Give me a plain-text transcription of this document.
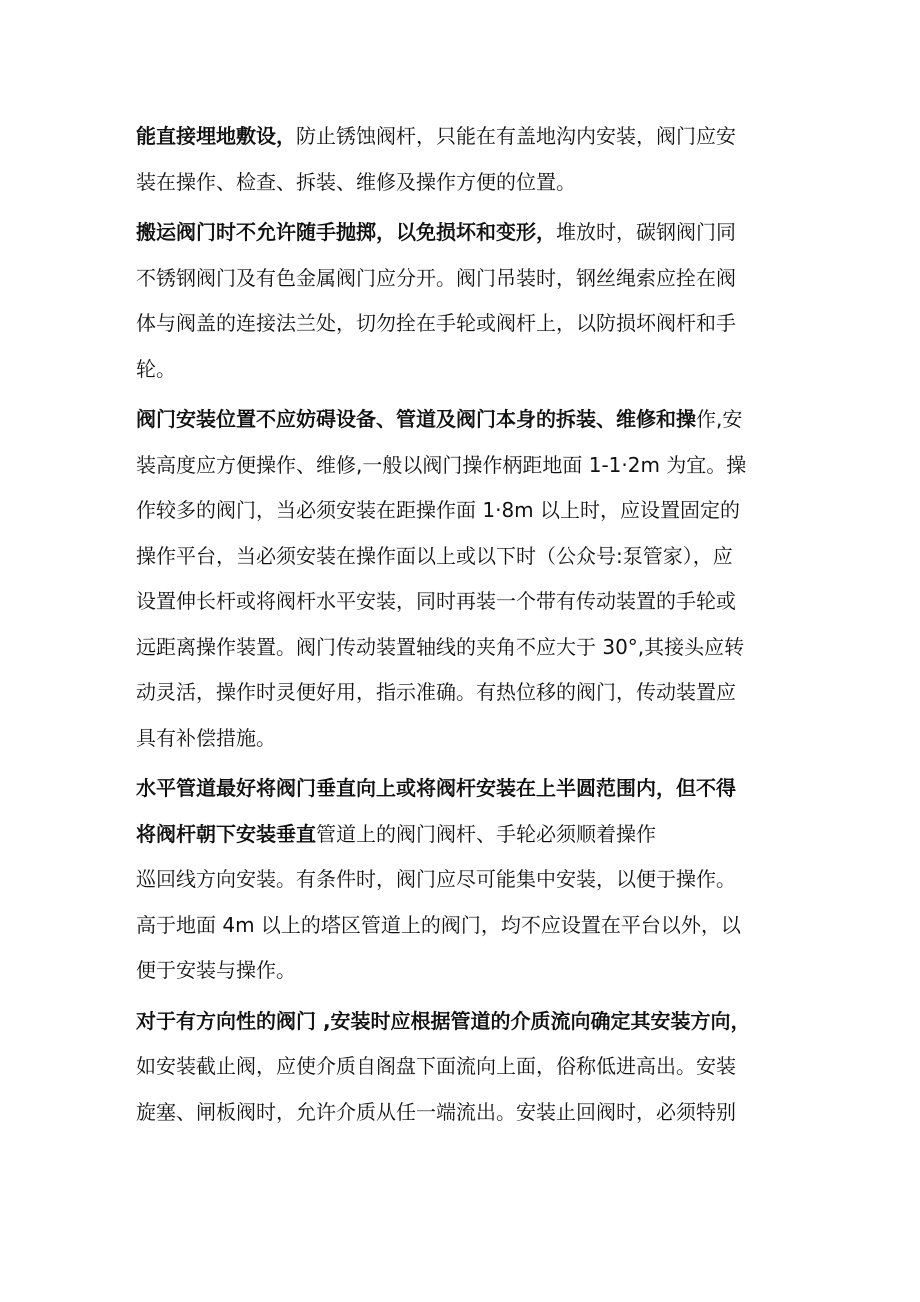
能直接埋地敷设，防止锈蚀阀杆，只能在有盖地沟内安装，阀门应安
装在操作、检查、拆装、维修及操作方便的位置。

搬运阀门时不允许随手抛掷，以免损坏和变形，堆放时，碳钢阀门同
不锈钢阀门及有色金属阀门应分开。阀门吊装时，钢丝绳索应拴在阀
体与阀盖的连接法兰处，切勿拴在手轮或阀杆上，以防损坏阀杆和手
轮。

阀门安装位置不应妨碍设备、管道及阀门本身的拆装、维修和操作,安
装高度应方便操作、维修,一般以阀门操作柄距地面 1-1·2m 为宜。操
作较多的阀门，当必须安装在距操作面 1·8m 以上时，应设置固定的
操作平台，当必须安装在操作面以上或以下时（公众号:泵管家），应
设置伸长杆或将阀杆水平安装，同时再装一个带有传动装置的手轮或
远距离操作装置。阀门传动装置轴线的夹角不应大于 30°,其接头应转
动灵活，操作时灵便好用，指示准确。有热位移的阀门，传动装置应
具有补偿措施。

水平管道最好将阀门垂直向上或将阀杆安装在上半圆范围内，但不得
将阀杆朝下安装垂直管道上的阀门阀杆、手轮必须顺着操作
巡回线方向安装。有条件时，阀门应尽可能集中安装，以便于操作。
高于地面 4m 以上的塔区管道上的阀门，均不应设置在平台以外，以
便于安装与操作。

对于有方向性的阀门 ,安装时应根据管道的介质流向确定其安装方向，
如安装截止阀，应使介质自阁盘下面流向上面，俗称低进高出。安装
旋塞、闸板阀时，允许介质从任一端流出。安装止回阀时，必须特别
